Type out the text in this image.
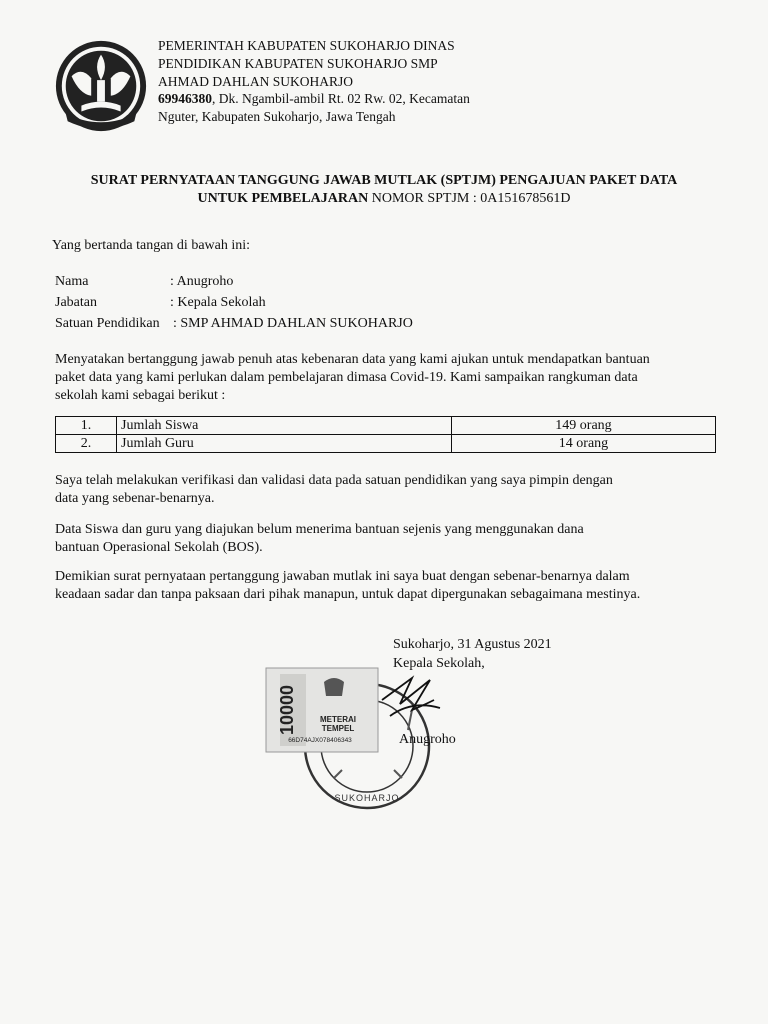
PEMERINTAH KABUPATEN SUKOHARJO DINAS
PENDIDIKAN KABUPATEN SUKOHARJO SMP
AHMAD DAHLAN SUKOHARJO
69946380, Dk. Ngambil-ambil Rt. 02 Rw. 02, Kecamatan
Nguter, Kabupaten Sukoharjo, Jawa Tengah
SURAT PERNYATAAN TANGGUNG JAWAB MUTLAK (SPTJM) PENGAJUAN PAKET DATA
UNTUK PEMBELAJARAN NOMOR SPTJM : 0A151678561D
Yang bertanda tangan di bawah ini:
Nama	: Anugroho
Jabatan	: Kepala Sekolah
Satuan Pendidikan : SMP AHMAD DAHLAN SUKOHARJO
Menyatakan bertanggung jawab penuh atas kebenaran data yang kami ajukan untuk mendapatkan bantuan
paket data yang kami perlukan dalam pembelajaran dimasa Covid-19. Kami sampaikan rangkuman data
sekolah kami sebagai berikut :
1.	Jumlah Siswa	149 orang
2.	Jumlah Guru	14 orang
Saya telah melakukan verifikasi dan validasi data pada satuan pendidikan yang saya pimpin dengan
data yang sebenar-benarnya.
Data Siswa dan guru yang diajukan belum menerima bantuan sejenis yang menggunakan dana
bantuan Operasional Sekolah (BOS).
Demikian surat pernyataan pertanggung jawaban mutlak ini saya buat dengan sebenar-benarnya dalam
keadaan sadar dan tanpa paksaan dari pihak manapun, untuk dapat dipergunakan sebagaimana mestinya.
Sukoharjo, 31 Agustus 2021
Kepala Sekolah,
SUKOHARJO
10000	METERAI
TEMPEL
66D74AJX078406343	Anugroho
